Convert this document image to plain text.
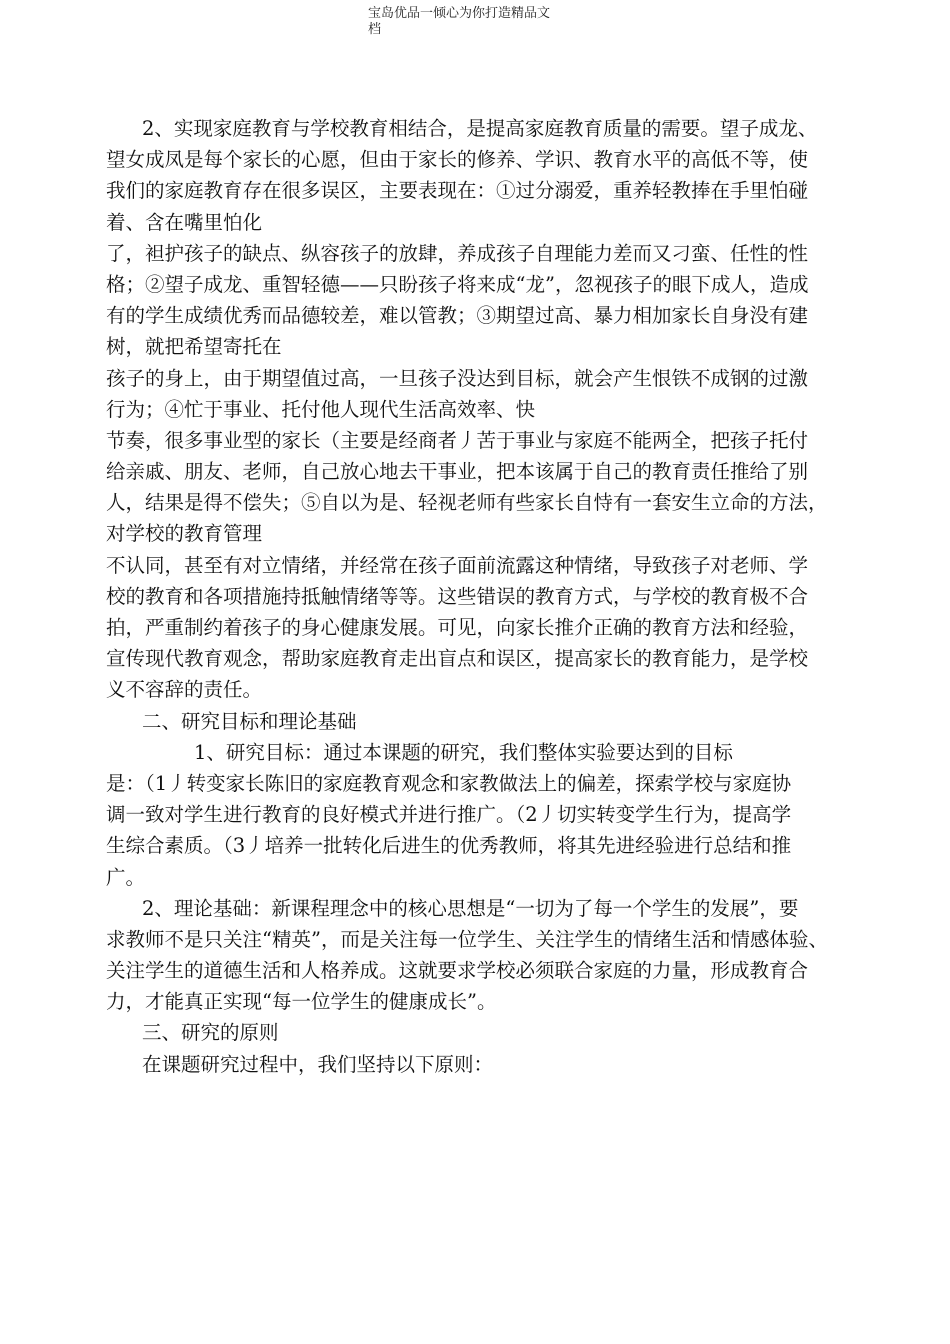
宝岛优品一倾心为你打造精品文
档
2、实现家庭教育与学校教育相结合，是提高家庭教育质量的需要。望子成龙、
望女成凤是每个家长的心愿，但由于家长的修养、学识、教育水平的高低不等，使
我们的家庭教育存在很多误区，主要表现在：①过分溺爱，重养轻教捧在手里怕碰
着、含在嘴里怕化
了，袒护孩子的缺点、纵容孩子的放肆，养成孩子自理能力差而又刁蛮、任性的性
格；②望子成龙、重智轻德——只盼孩子将来成“龙”，忽视孩子的眼下成人，造成
有的学生成绩优秀而品德较差，难以管教；③期望过高、暴力相加家长自身没有建
树，就把希望寄托在
孩子的身上，由于期望值过高，一旦孩子没达到目标，就会产生恨铁不成钢的过激
行为；④忙于事业、托付他人现代生活高效率、快
节奏，很多事业型的家长（主要是经商者丿苦于事业与家庭不能两全，把孩子托付
给亲戚、朋友、老师，自己放心地去干事业，把本该属于自己的教育责任推给了别
人，结果是得不偿失；⑤自以为是、轻视老师有些家长自恃有一套安生立命的方法，
对学校的教育管理
不认同，甚至有对立情绪，并经常在孩子面前流露这种情绪，导致孩子对老师、学
校的教育和各项措施持抵触情绪等等。这些错误的教育方式，与学校的教育极不合
拍，严重制约着孩子的身心健康发展。可见，向家长推介正确的教育方法和经验，
宣传现代教育观念，帮助家庭教育走出盲点和误区，提高家长的教育能力，是学校
义不容辞的责任。
二、研究目标和理论基础
1、研究目标：通过本课题的研究，我们整体实验要达到的目标
是：（1丿转变家长陈旧的家庭教育观念和家教做法上的偏差，探索学校与家庭协
调一致对学生进行教育的良好模式并进行推广。（2丿切实转变学生行为，提高学
生综合素质。（3丿培养一批转化后进生的优秀教师，将其先进经验进行总结和推
广。
2、理论基础：新课程理念中的核心思想是“一切为了每一个学生的发展”，要
求教师不是只关注“精英”，而是关注每一位学生、关注学生的情绪生活和情感体验、
关注学生的道德生活和人格养成。这就要求学校必须联合家庭的力量，形成教育合
力，才能真正实现“每一位学生的健康成长”。
三、研究的原则
在课题研究过程中，我们坚持以下原则：
